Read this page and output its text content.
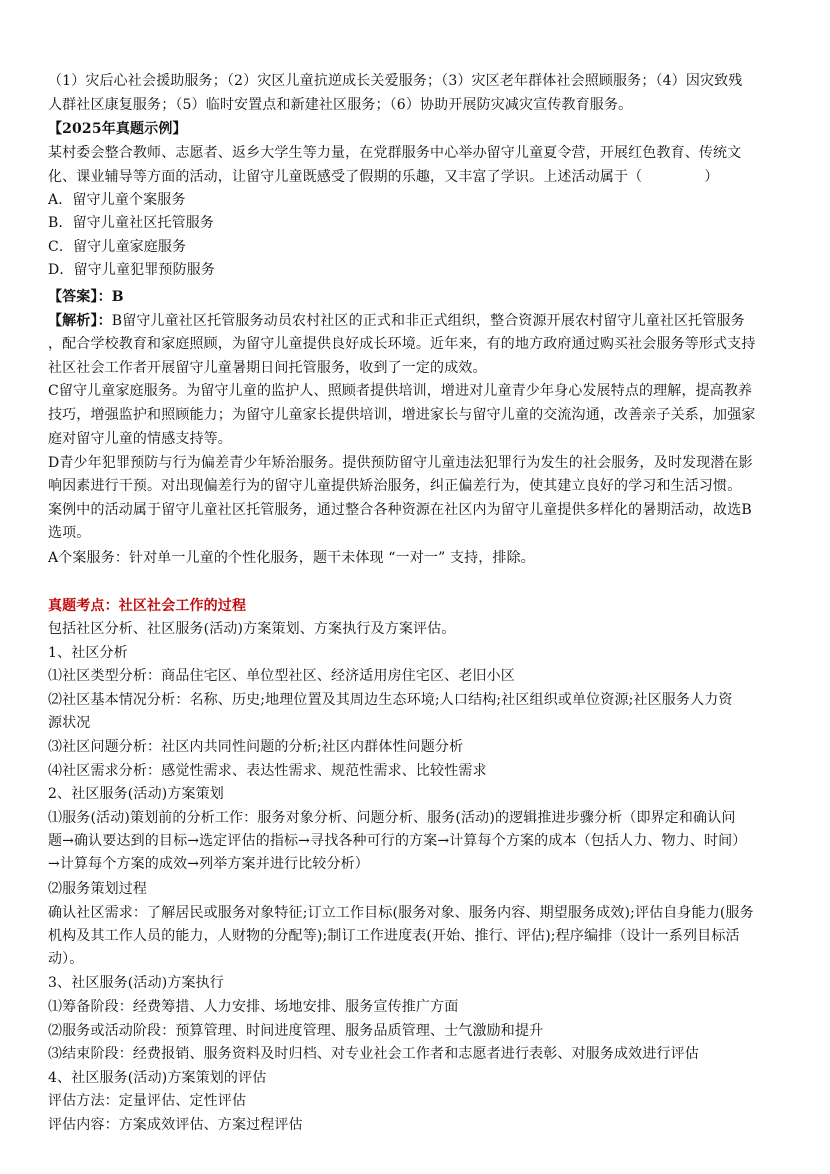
（1）灾后心社会援助服务；（2）灾区儿童抗逆成长关爱服务；（3）灾区老年群体社会照顾服务；（4）因灾致残
人群社区康复服务；（5）临时安置点和新建社区服务；（6）协助开展防灾减灾宣传教育服务。
【2025年真题示例】
某村委会整合教师、志愿者、返乡大学生等力量，在党群服务中心举办留守儿童夏令营，开展红色教育、传统文
化、课业辅导等方面的活动，让留守儿童既感受了假期的乐趣，又丰富了学识。上述活动属于（	）
A．留守儿童个案服务
B．留守儿童社区托管服务
C．留守儿童家庭服务
D．留守儿童犯罪预防服务
【答案】：B
【解析】：B留守儿童社区托管服务动员农村社区的正式和非正式组织，整合资源开展农村留守儿童社区托管服务
，配合学校教育和家庭照顾，为留守儿童提供良好成长环境。近年来，有的地方政府通过购买社会服务等形式支持
社区社会工作者开展留守儿童暑期日间托管服务，收到了一定的成效。
C留守儿童家庭服务。为留守儿童的监护人、照顾者提供培训，增进对儿童青少年身心发展特点的理解，提高教养
技巧，增强监护和照顾能力；为留守儿童家长提供培训，增进家长与留守儿童的交流沟通，改善亲子关系，加强家
庭对留守儿童的情感支持等。
D青少年犯罪预防与行为偏差青少年矫治服务。提供预防留守儿童违法犯罪行为发生的社会服务，及时发现潜在影
响因素进行干预。对出现偏差行为的留守儿童提供矫治服务，纠正偏差行为，使其建立良好的学习和生活习惯。
案例中的活动属于留守儿童社区托管服务，通过整合各种资源在社区内为留守儿童提供多样化的暑期活动，故选B
选项。
A个案服务：针对单一儿童的个性化服务，题干未体现 “一对一” 支持，排除。
真题考点：社区社会工作的过程
包括社区分析、社区服务(活动)方案策划、方案执行及方案评估。
1、社区分析
⑴社区类型分析：商品住宅区、单位型社区、经济适用房住宅区、老旧小区
⑵社区基本情况分析：名称、历史;地理位置及其周边生态环境;人口结构;社区组织或单位资源;社区服务人力资
源状况
⑶社区问题分析：社区内共同性问题的分析;社区内群体性问题分析
⑷社区需求分析：感觉性需求、表达性需求、规范性需求、比较性需求
2、社区服务(活动)方案策划
⑴服务(活动)策划前的分析工作：服务对象分析、问题分析、服务(活动)的逻辑推进步骤分析（即界定和确认问
题→确认要达到的目标→选定评估的指标→寻找各种可行的方案→计算每个方案的成本（包括人力、物力、时间）
→计算每个方案的成效→列举方案并进行比较分析）
⑵服务策划过程
确认社区需求：了解居民或服务对象特征;订立工作目标(服务对象、服务内容、期望服务成效);评估自身能力(服务
机构及其工作人员的能力，人财物的分配等);制订工作进度表(开始、推行、评估);程序编排（设计一系列目标活
动）。
3、社区服务(活动)方案执行
⑴筹备阶段：经费筹措、人力安排、场地安排、服务宣传推广方面
⑵服务或活动阶段：预算管理、时间进度管理、服务品质管理、士气激励和提升
⑶结束阶段：经费报销、服务资料及时归档、对专业社会工作者和志愿者进行表彰、对服务成效进行评估
4、社区服务(活动)方案策划的评估
评估方法：定量评估、定性评估
评估内容：方案成效评估、方案过程评估
